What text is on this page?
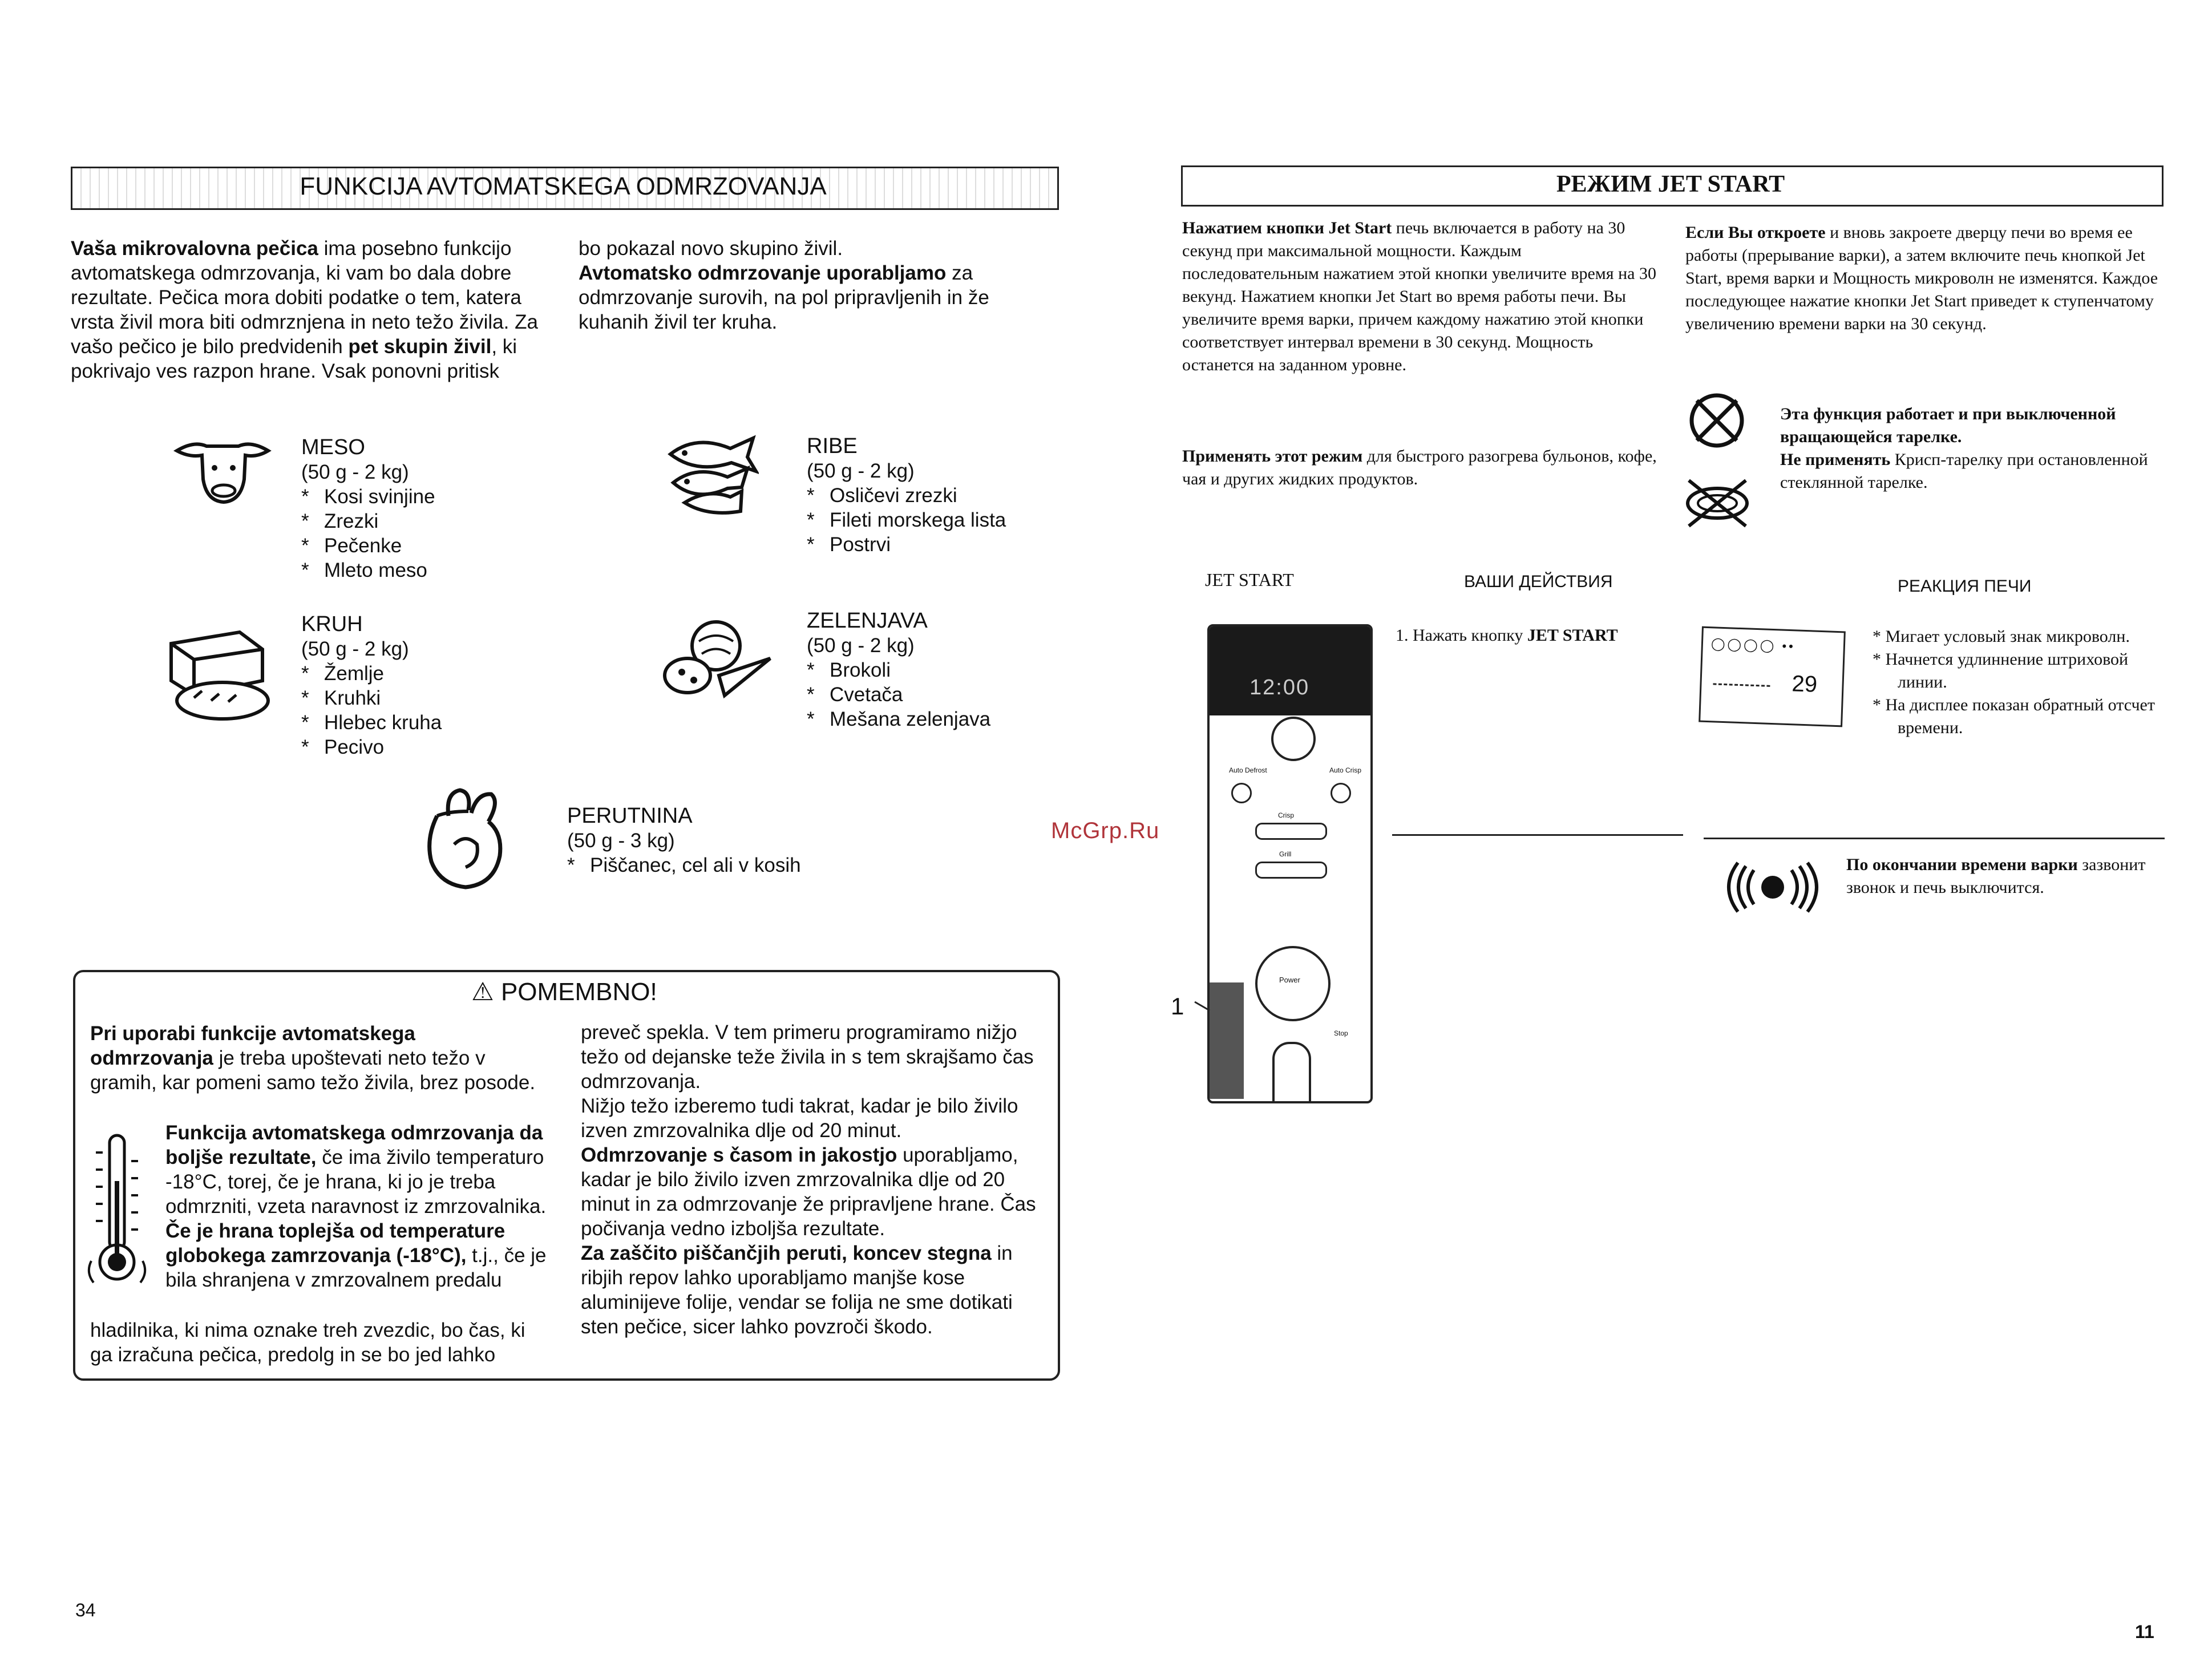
FUNKCIJA AVTOMATSKEGA ODMRZOVANJA
Vaša mikrovalovna pečica ima posebno funkcijo avtomatskega odmrzovanja, ki vam bo dala dobre rezultate. Pečica mora dobiti podatke o tem, katera vrsta živil mora biti odmrznjena in neto težo živila. Za vašo pečico je bilo predvidenih pet skupin živil, ki pokrivajo ves razpon hrane. Vsak ponovni pritisk
bo pokazal novo skupino živil.
Avtomatsko odmrzovanje uporabljamo za odmrzovanje surovih, na pol pripravljenih in že kuhanih živil ter kruha.
MESO
(50 g - 2 kg)
* Kosi svinjine
* Zrezki
* Pečenke
* Mleto meso
RIBE
(50 g - 2 kg)
* Osličevi zrezki
* Fileti morskega lista
* Postrvi
KRUH
(50 g - 2 kg)
* Žemlje
* Kruhki
* Hlebec kruha
* Pecivo
ZELENJAVA
(50 g - 2 kg)
* Brokoli
* Cvetača
* Mešana zelenjava
PERUTNINA
(50 g - 3 kg)
* Piščanec, cel ali v kosih
⚠ POMEMBNO!
Pri uporabi funkcije avtomatskega odmrzovanja je treba upoštevati neto težo v gramih, kar pomeni samo težo živila, brez posode.
Funkcija avtomatskega odmrzovanja da boljše rezultate, če ima živilo temperaturo -18°C, torej, če je hrana, ki jo je treba odmrzniti, vzeta naravnost iz zmrzovalnika.
Če je hrana toplejša od temperature globokega zamrzovanja (-18°C), t.j., če je bila shranjena v zmrzovalnem predalu
hladilnika, ki nima oznake treh zvezdic, bo čas, ki ga izračuna pečica, predolg in se bo jed lahko
preveč spekla. V tem primeru programiramo nižjo težo od dejanske teže živila in s tem skrajšamo čas odmrzovanja.
Nižjo težo izberemo tudi takrat, kadar je bilo živilo izven zmrzovalnika dlje od 20 minut.
Odmrzovanje s časom in jakostjo uporabljamo, kadar je bilo živilo izven zmrzovalnika dlje od 20 minut in za odmrzovanje že pripravljene hrane. Čas počivanja vedno izboljša rezultate.
Za zaščito piščančjih peruti, koncev stegna in ribjih repov lahko uporabljamo manjše kose aluminijeve folije, vendar se folija ne sme dotikati sten pečice, sicer lahko povzroči škodo.
34
McGrp.Ru
РЕЖИМ JET START
Нажатием кнопки Jet Start печь включается в работу на 30 секунд при максимальной мощности. Каждым последовательным нажатием этой кнопки увеличите время на 30 векунд. Нажатием кнопки Jet Start во время работы печи. Вы увеличите время варки, причем каждому нажатию этой кнопки соответствует интервал времени в 30 секунд. Мощность останется на заданном уровне.
Применять этот режим для быстрого разогрева бульонов, кофе, чая и других жидких продуктов.
Если Вы откроете и вновь закроете дверцу печи во время ее работы (прерывание варки), а затем включите печь кнопкой Jet Start, время варки и Мощность микроволн не изменятся. Каждое последующее нажатие кнопки Jet Start приведет к ступенчатому увеличению времени варки на 30 секунд.
Эта функция работает и при выключенной вращающейся тарелке.
Не применять Крисп-тарелку при остановленной стеклянной тарелке.
JET START	ВАШИ ДЕЙСТВИЯ	РЕАКЦИЯ ПЕЧИ
12:00
Auto Defrost	Auto Crisp
Crisp
Grill
Power
Stop
1
1. Нажать кнопку JET START
◯◯◯◯ ••
29
* Мигает условый знак микроволн.
* Начнется удлиннение штриховой линии.
* На дисплее показан обратный отсчет времени.
По окончании времени варки зазвонит звонок и печь выключится.
11
